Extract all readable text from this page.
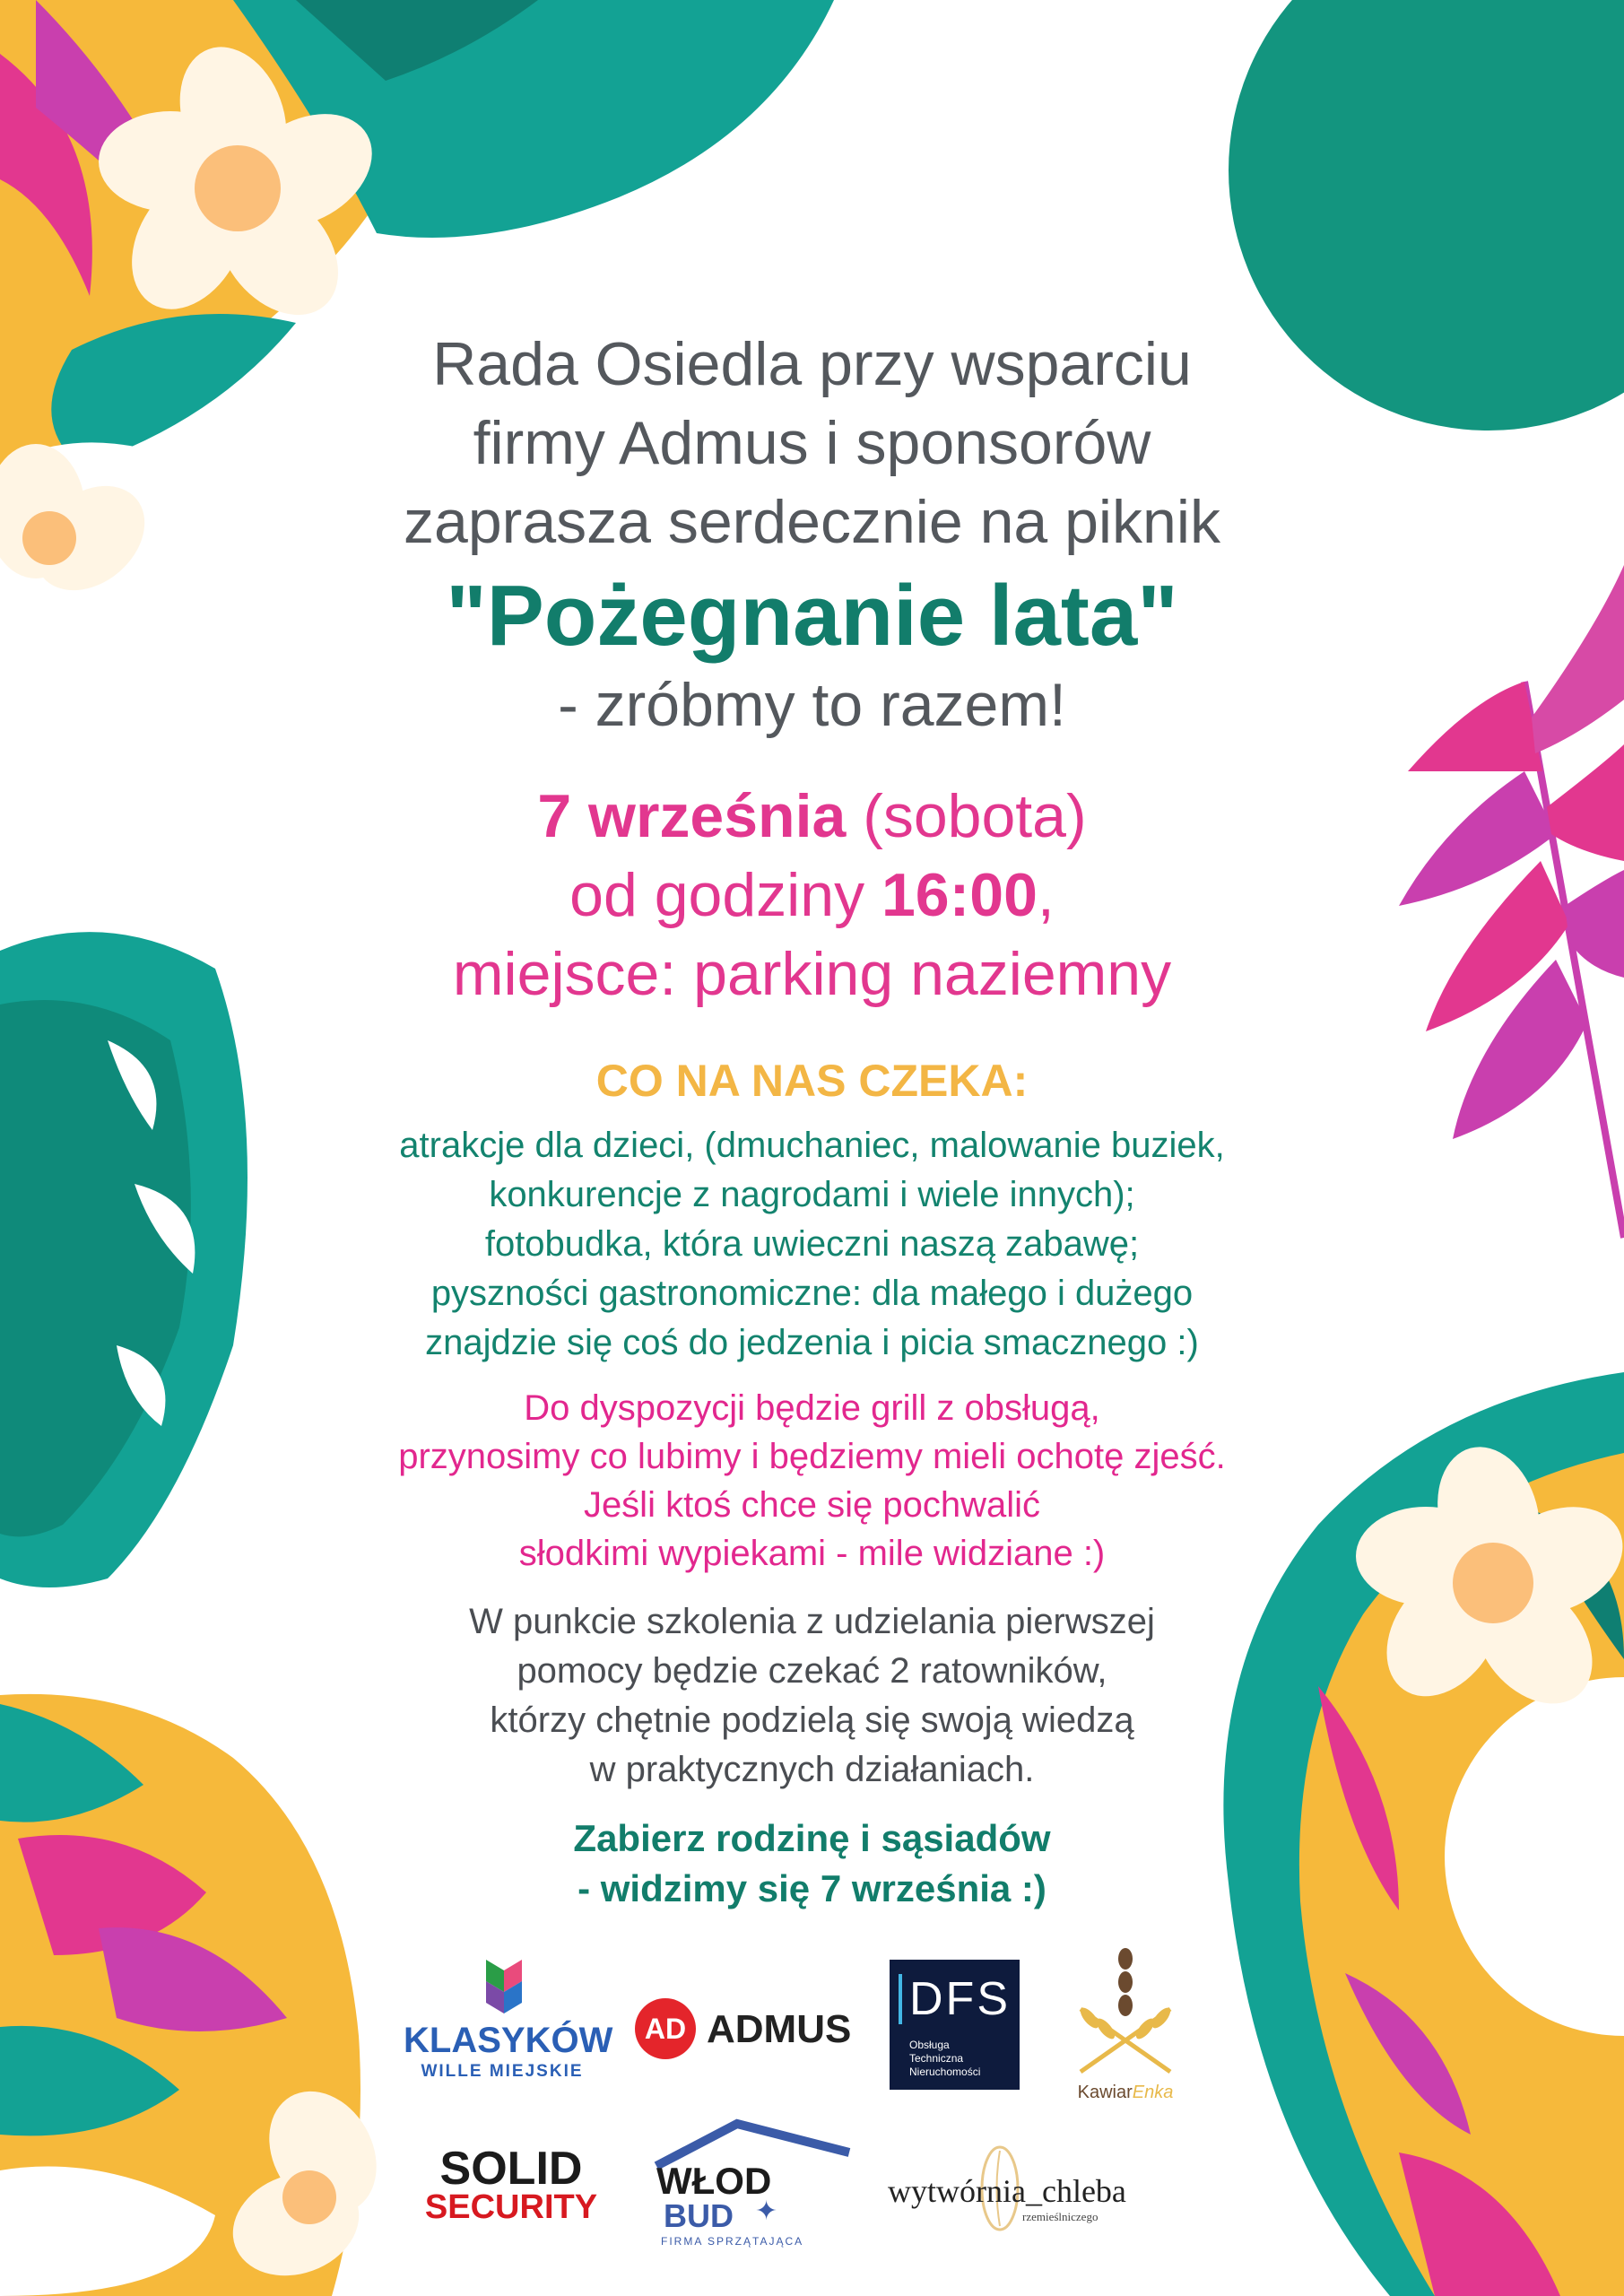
Rada Osiedla przy wsparciu
firmy Admus i sponsorów
zaprasza serdecznie na piknik
"Pożegnanie lata"
- zróbmy to razem!
7 września (sobota)
od godziny 16:00,
miejsce: parking naziemny
CO NA NAS CZEKA:
atrakcje dla dzieci, (dmuchaniec, malowanie buziek,
konkurencje z nagrodami i wiele innych);
fotobudka, która uwieczni naszą zabawę;
pyszności gastronomiczne: dla małego i dużego
znajdzie się coś do jedzenia i picia smacznego :)
Do dyspozycji będzie grill z obsługą,
przynosimy co lubimy i będziemy mieli ochotę zjeść.
Jeśli ktoś chce się pochwalić
słodkimi wypiekami - mile widziane :)
W punkcie szkolenia z udzielania pierwszej
pomocy będzie czekać 2 ratowników,
którzy chętnie podzielą się swoją wiedzą
w praktycznych działaniach.
Zabierz rodzinę i sąsiadów
- widzimy się 7 września :)
KLASYKÓW
WILLE MIEJSKIE
AD ADMUS
DFS
Obsługa
Techniczna
Nieruchomości
KawiarEnka
SOLID
SECURITY
WŁOD
BUD ✦
FIRMA SPRZĄTAJĄCA
wytwórnia_chleba
rzemieślniczego
